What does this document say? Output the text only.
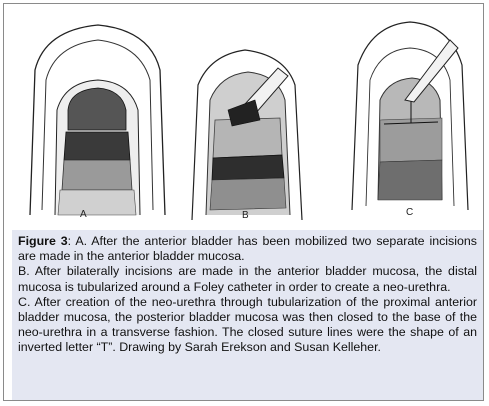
A	B	C

Figure 3: A. After the anterior bladder has been mobilized two separate incisions are made in the anterior bladder mucosa.

B. After bilaterally incisions are made in the anterior bladder mucosa, the distal mucosa is tubularized around a Foley catheter in order to create a neo-urethra.

C. After creation of the neo-urethra through tubularization of the proximal anterior bladder mucosa, the posterior bladder mucosa was then closed to the base of the neo-urethra in a transverse fashion. The closed suture lines were the shape of an inverted letter “T”. Drawing by Sarah Erekson and Susan Kelleher.
